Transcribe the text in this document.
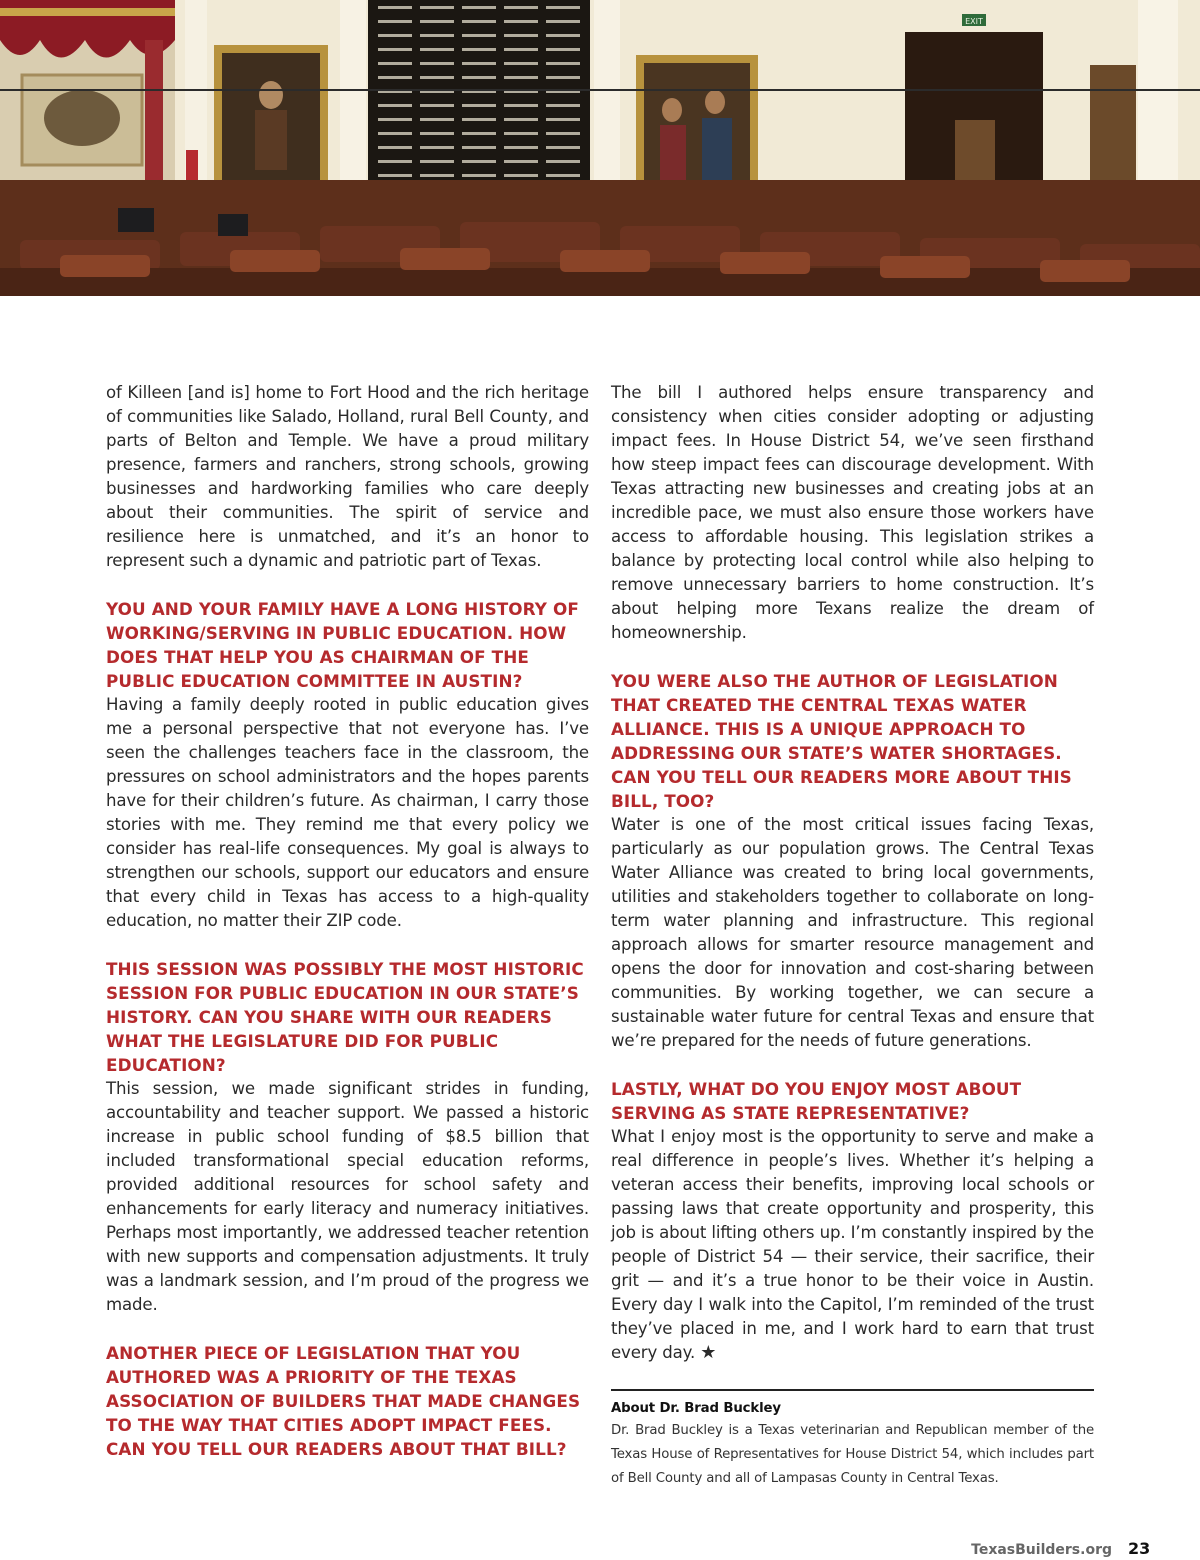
EXIT

of Killeen [and is] home to Fort Hood and the rich heritage of communities like Salado, Holland, rural Bell County, and parts of Belton and Temple. We have a proud military presence, farmers and ranchers, strong schools, growing businesses and hardworking families who care deeply about their communities. The spirit of service and resilience here is unmatched, and it’s an honor to represent such a dynamic and patriotic part of Texas.

YOU AND YOUR FAMILY HAVE A LONG HISTORY OF WORKING/SERVING IN PUBLIC EDUCATION. HOW DOES THAT HELP YOU AS CHAIRMAN OF THE PUBLIC EDUCATION COMMITTEE IN AUSTIN?

Having a family deeply rooted in public education gives me a personal perspective that not everyone has. I’ve seen the challenges teachers face in the classroom, the pressures on school administrators and the hopes parents have for their children’s future. As chairman, I carry those stories with me. They remind me that every policy we consider has real-life consequences. My goal is always to strengthen our schools, support our educators and ensure that every child in Texas has access to a high-quality education, no matter their ZIP code.

THIS SESSION WAS POSSIBLY THE MOST HISTORIC SESSION FOR PUBLIC EDUCATION IN OUR STATE’S HISTORY. CAN YOU SHARE WITH OUR READERS WHAT THE LEGISLATURE DID FOR PUBLIC EDUCATION?

This session, we made significant strides in funding, accountability and teacher support. We passed a historic increase in public school funding of $8.5 billion that included transformational special education reforms, provided additional resources for school safety and enhancements for early literacy and numeracy initiatives. Perhaps most importantly, we addressed teacher retention with new supports and compensation adjustments. It truly was a landmark session, and I’m proud of the progress we made.

ANOTHER PIECE OF LEGISLATION THAT YOU AUTHORED WAS A PRIORITY OF THE TEXAS ASSOCIATION OF BUILDERS THAT MADE CHANGES TO THE WAY THAT CITIES ADOPT IMPACT FEES. CAN YOU TELL OUR READERS ABOUT THAT BILL?

The bill I authored helps ensure transparency and consistency when cities consider adopting or adjusting impact fees. In House District 54, we’ve seen firsthand how steep impact fees can discourage development. With Texas attracting new businesses and creating jobs at an incredible pace, we must also ensure those workers have access to affordable housing. This legislation strikes a balance by protecting local control while also helping to remove unnecessary barriers to home construction. It’s about helping more Texans realize the dream of homeownership.

YOU WERE ALSO THE AUTHOR OF LEGISLATION THAT CREATED THE CENTRAL TEXAS WATER ALLIANCE. THIS IS A UNIQUE APPROACH TO ADDRESSING OUR STATE’S WATER SHORTAGES. CAN YOU TELL OUR READERS MORE ABOUT THIS BILL, TOO?

Water is one of the most critical issues facing Texas, particularly as our population grows. The Central Texas Water Alliance was created to bring local governments, utilities and stakeholders together to collaborate on long-term water planning and infrastructure. This regional approach allows for smarter resource management and opens the door for innovation and cost-sharing between communities. By working together, we can secure a sustainable water future for central Texas and ensure that we’re prepared for the needs of future generations.

LASTLY, WHAT DO YOU ENJOY MOST ABOUT SERVING AS STATE REPRESENTATIVE?

What I enjoy most is the opportunity to serve and make a real difference in people’s lives. Whether it’s helping a veteran access their benefits, improving local schools or passing laws that create opportunity and prosperity, this job is about lifting others up. I’m constantly inspired by the people of District 54 — their service, their sacrifice, their grit — and it’s a true honor to be their voice in Austin. Every day I walk into the Capitol, I’m reminded of the trust they’ve placed in me, and I work hard to earn that trust every day. ★

About Dr. Brad Buckley

Dr. Brad Buckley is a Texas veterinarian and Republican member of the Texas House of Representatives for House District 54, which includes part of Bell County and all of Lampasas County in Central Texas.

TexasBuilders.org 23
